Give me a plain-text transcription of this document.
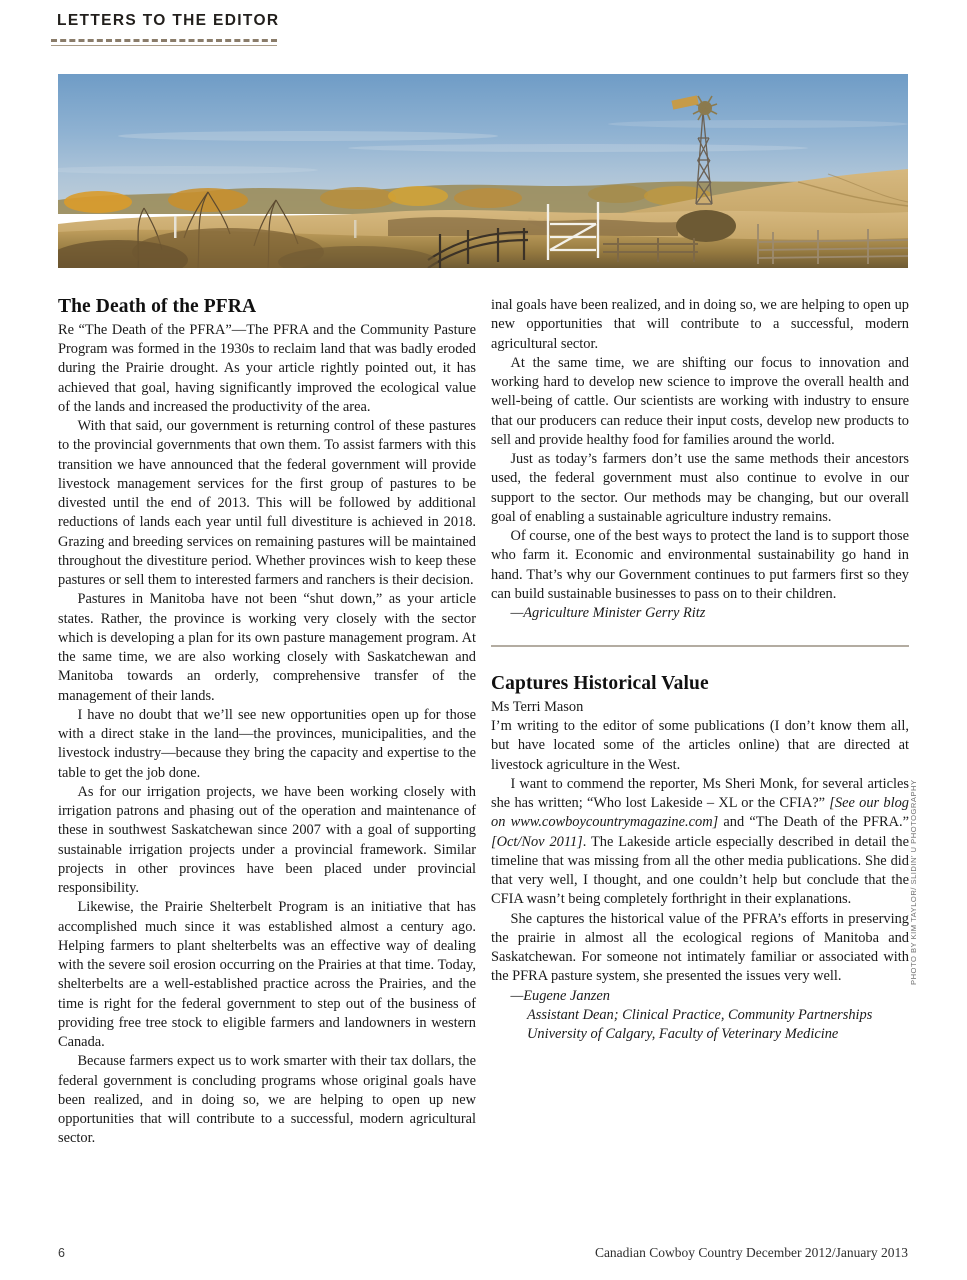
LETTERS TO THE EDITOR
PHOTO BY KIM TAYLOR/ SLIDIN' U PHOTOGRAPHY
The Death of the PFRA

Re “The Death of the PFRA”—The PFRA and the Community Pasture Program was formed in the 1930s to reclaim land that was badly eroded during the Prairie drought. As your article rightly pointed out, it has achieved that goal, having significantly improved the ecological value of the lands and increased the productivity of the area.

With that said, our government is returning control of these pastures to the provincial governments that own them. To assist farmers with this transition we have announced that the federal government will provide livestock management services for the first group of pastures to be divested until the end of 2013. This will be followed by additional reductions of lands each year until full divestiture is achieved in 2018. Grazing and breeding services on remaining pastures will be maintained throughout the divestiture period. Whether provinces wish to keep these pastures or sell them to interested farmers and ranchers is their decision.

Pastures in Manitoba have not been “shut down,” as your article states. Rather, the province is working very closely with the sector which is developing a plan for its own pasture management program. At the same time, we are also working closely with Saskatchewan and Manitoba towards an orderly, comprehensive transfer of the management of their lands.

I have no doubt that we’ll see new opportunities open up for those with a direct stake in the land—the provinces, municipalities, and the livestock industry—because they bring the capacity and expertise to the table to get the job done.

As for our irrigation projects, we have been working closely with irrigation patrons and phasing out of the operation and maintenance of these in southwest Saskatchewan since 2007 with a goal of supporting sustainable irrigation projects under a provincial framework. Similar projects in other provinces have been placed under provincial responsibility.

Likewise, the Prairie Shelterbelt Program is an initiative that has accomplished much since it was established almost a century ago. Helping farmers to plant shelterbelts was an effective way of dealing with the severe soil erosion occurring on the Prairies at that time. Today, shelterbelts are a well-established practice across the Prairies, and the time is right for the federal government to step out of the business of providing free tree stock to eligible farmers and landowners in western Canada.

Because farmers expect us to work smarter with their tax dollars, the federal government is concluding programs whose original goals have been realized, and in doing so, we are helping to open up new opportunities that will contribute to a successful, modern agricultural sector.

inal goals have been realized, and in doing so, we are helping to open up new opportunities that will contribute to a successful, modern agricultural sector.

At the same time, we are shifting our focus to innovation and working hard to develop new science to improve the overall health and well-being of cattle. Our scientists are working with industry to ensure that our producers can reduce their input costs, develop new products to sell and provide healthy food for families around the world.

Just as today’s farmers don’t use the same methods their ancestors used, the federal government must also continue to evolve in our support to the sector. Our methods may be changing, but our overall goal of enabling a sustainable agriculture industry remains.

Of course, one of the best ways to protect the land is to support those who farm it. Economic and environmental sustainability go hand in hand. That’s why our Government continues to put farmers first so they can build sustainable businesses to pass on to their children.

—Agriculture Minister Gerry Ritz

Captures Historical Value

Ms Terri Mason

I’m writing to the editor of some publications (I don’t know them all, but have located some of the articles online) that are directed at livestock agriculture in the West.

I want to commend the reporter, Ms Sheri Monk, for several articles she has written; “Who lost Lakeside – XL or the CFIA?” [See our blog on www.cowboycountrymagazine.com] and “The Death of the PFRA.” [Oct/Nov 2011]. The Lakeside article especially described in detail the timeline that was missing from all the other media publications. She did that very well, I thought, and one couldn’t help but conclude that the CFIA wasn’t being completely forthright in their explanations.

She captures the historical value of the PFRA’s efforts in preserving the prairie in almost all the ecological regions of Manitoba and Saskatchewan. For someone not intimately familiar or associated with the PFRA pasture system, she presented the issues very well.

—Eugene Janzen

Assistant Dean; Clinical Practice, Community Partnerships

University of Calgary, Faculty of Veterinary Medicine

6	Canadian Cowboy Country December 2012/January 2013
